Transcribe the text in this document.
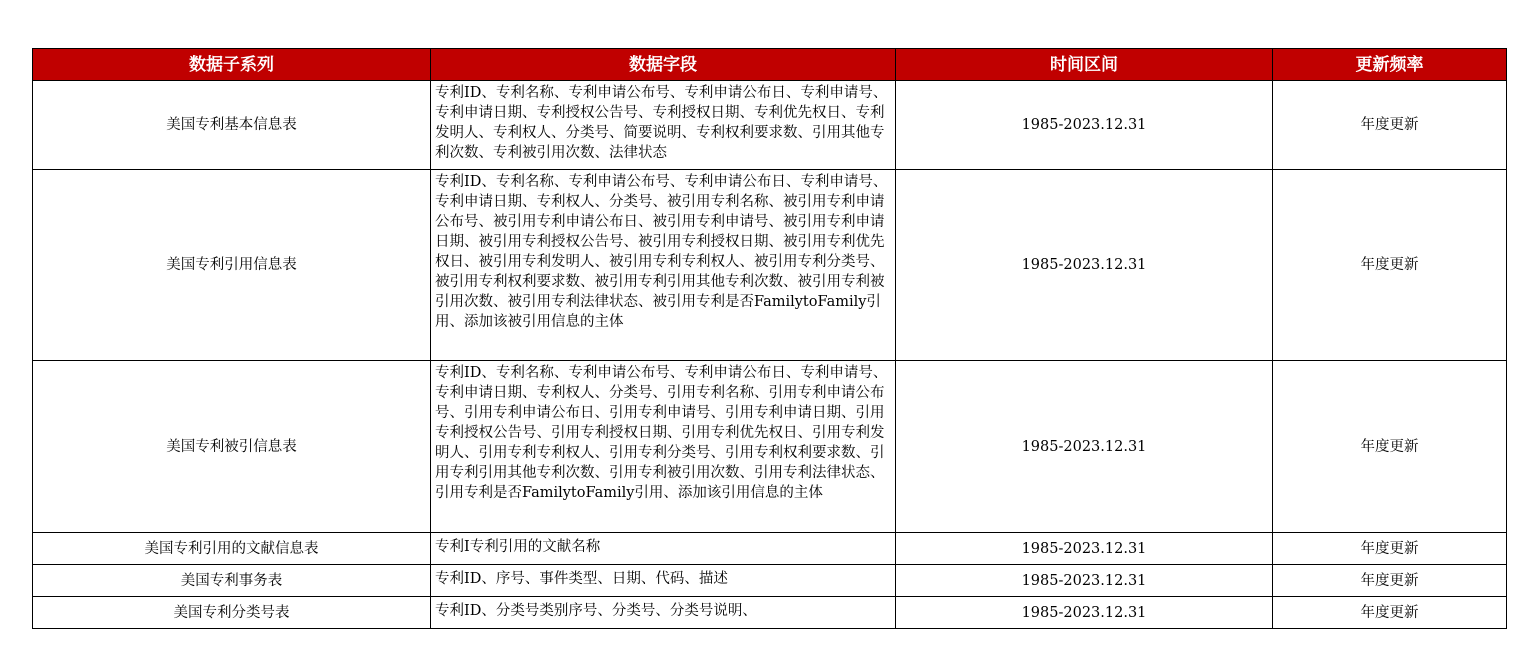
数据子系列	数据字段	时间区间	更新频率
美国专利基本信息表	专利ID、专利名称、专利申请公布号、专利申请公布日、专利申请号、专利申请日期、专利授权公告号、专利授权日期、专利优先权日、专利发明人、专利权人、分类号、简要说明、专利权利要求数、引用其他专利次数、专利被引用次数、法律状态	1985-2023.12.31	年度更新
美国专利引用信息表	专利ID、专利名称、专利申请公布号、专利申请公布日、专利申请号、专利申请日期、专利权人、分类号、被引用专利名称、被引用专利申请公布号、被引用专利申请公布日、被引用专利申请号、被引用专利申请日期、被引用专利授权公告号、被引用专利授权日期、被引用专利优先权日、被引用专利发明人、被引用专利专利权人、被引用专利分类号、被引用专利权利要求数、被引用专利引用其他专利次数、被引用专利被引用次数、被引用专利法律状态、被引用专利是否FamilytoFamily引用、添加该被引用信息的主体	1985-2023.12.31	年度更新
美国专利被引信息表	专利ID、专利名称、专利申请公布号、专利申请公布日、专利申请号、专利申请日期、专利权人、分类号、引用专利名称、引用专利申请公布号、引用专利申请公布日、引用专利申请号、引用专利申请日期、引用专利授权公告号、引用专利授权日期、引用专利优先权日、引用专利发明人、引用专利专利权人、引用专利分类号、引用专利权利要求数、引用专利引用其他专利次数、引用专利被引用次数、引用专利法律状态、引用专利是否FamilytoFamily引用、添加该引用信息的主体	1985-2023.12.31	年度更新
美国专利引用的文献信息表	专利I专利引用的文献名称	1985-2023.12.31	年度更新
美国专利事务表	专利ID、序号、事件类型、日期、代码、描述	1985-2023.12.31	年度更新
美国专利分类号表	专利ID、分类号类别序号、分类号、分类号说明、	1985-2023.12.31	年度更新
